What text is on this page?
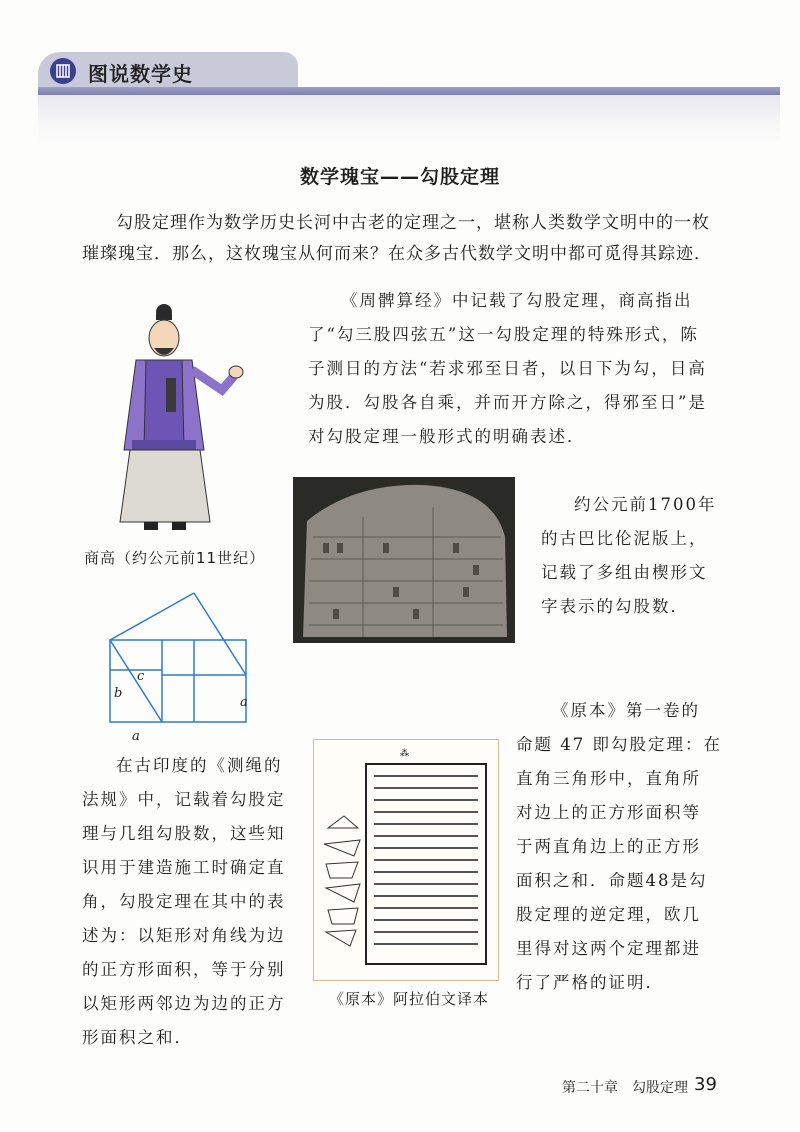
图说数学史
数学瑰宝——勾股定理
勾股定理作为数学历史长河中古老的定理之一，堪称人类数学文明中的一枚
璀璨瑰宝．那么，这枚瑰宝从何而来？在众多古代数学文明中都可觅得其踪迹．
《周髀算经》中记载了勾股定理，商高指出
了“勾三股四弦五”这一勾股定理的特殊形式，陈
子测日的方法“若求邪至日者，以日下为勾，日高
为股．勾股各自乘，并而开方除之，得邪至日”是
对勾股定理一般形式的明确表述．
商高（约公元前11世纪）
约公元前1700年
的古巴比伦泥版上，
记载了多组由楔形文
字表示的勾股数．
c
b
a
a
《原本》第一卷的
命题 47 即勾股定理：在
直角三角形中，直角所
对边上的正方形面积等
于两直角边上的正方形
面积之和．命题48是勾
股定理的逆定理，欧几
里得对这两个定理都进
行了严格的证明．
在古印度的《测绳的
法规》中，记载着勾股定
理与几组勾股数，这些知
识用于建造施工时确定直
角，勾股定理在其中的表
述为：以矩形对角线为边
的正方形面积，等于分别
以矩形两邻边为边的正方
形面积之和．
⁂
《原本》阿拉伯文译本
第二十章　勾股定理 39
